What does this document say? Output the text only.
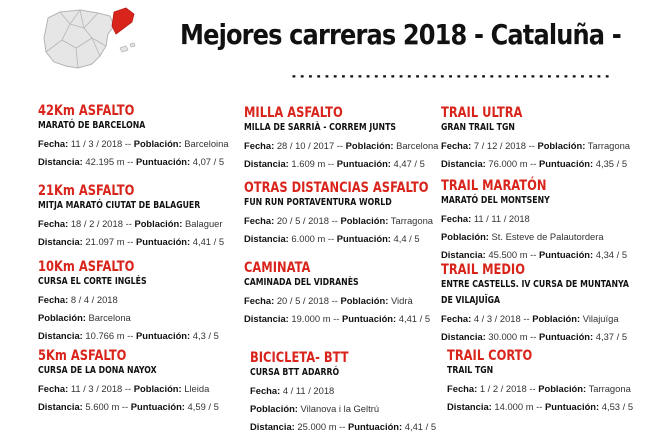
Mejores carreras 2018 - Cataluña -
- - - - - - - - - - - - - - - - - - - - - - - - - - - - - - - - - - - - - - -
42Km ASFALTO
MARATÓ DE BARCELONA
Fecha: 11 / 3 / 2018 -- Población: Barceloina
Distancia: 42.195 m -- Puntuación: 4,07 / 5
21Km ASFALTO
MITJA MARATÓ CIUTAT DE BALAGUER
Fecha: 18 / 2 / 2018 -- Población: Balaguer
Distancia: 21.097 m -- Puntuación: 4,41 / 5
10Km ASFALTO
CURSA EL CORTE INGLÉS
Fecha: 8 / 4 / 2018
Población: Barcelona
Distancia: 10.766 m -- Puntuación: 4,3 / 5
5Km ASFALTO
CURSA DE LA DONA NAYOX
Fecha: 11 / 3 / 2018 -- Población: Lleida
Distancia: 5.600 m -- Puntuación: 4,59 / 5
MILLA ASFALTO
MILLA DE SARRIÀ - CORREM JUNTS
Fecha: 28 / 10 / 2017 -- Población: Barcelona
Distancia: 1.609 m -- Puntuación: 4,47 / 5
OTRAS DISTANCIAS ASFALTO
FUN RUN PORTAVENTURA WORLD
Fecha: 20 / 5 / 2018 -- Población: Tarragona
Distancia: 6.000 m -- Puntuación: 4,4 / 5
CAMINATA
CAMINADA DEL VIDRANÈS
Fecha: 20 / 5 / 2018 -- Población: Vidrà
Distancia: 19.000 m -- Puntuación: 4,41 / 5
BICICLETA- BTT
CURSA BTT ADARRÓ
Fecha: 4 / 11 / 2018
Población: Vilanova i la Geltrú
Distancia: 25.000 m -- Puntuación: 4,41 / 5
TRAIL ULTRA
GRAN TRAIL TGN
Fecha: 7 / 12 / 2018 -- Población: Tarragona
Distancia: 76.000 m -- Puntuación: 4,35 / 5
TRAIL MARATÓN
MARATÓ DEL MONTSENY
Fecha: 11 / 11 / 2018
Población: St. Esteve de Palautordera
Distancia: 45.500 m -- Puntuación: 4,34 / 5
TRAIL MEDIO
ENTRE CASTELLS. IV CURSA DE MUNTANYA
DE VILAJUÏGA
Fecha: 4 / 3 / 2018 -- Población: Vilajuïga
Distancia: 30.000 m -- Puntuación: 4,37 / 5
TRAIL CORTO
TRAIL TGN
Fecha: 1 / 2 / 2018 -- Población: Tarragona
Distancia: 14.000 m -- Puntuación: 4,53 / 5
